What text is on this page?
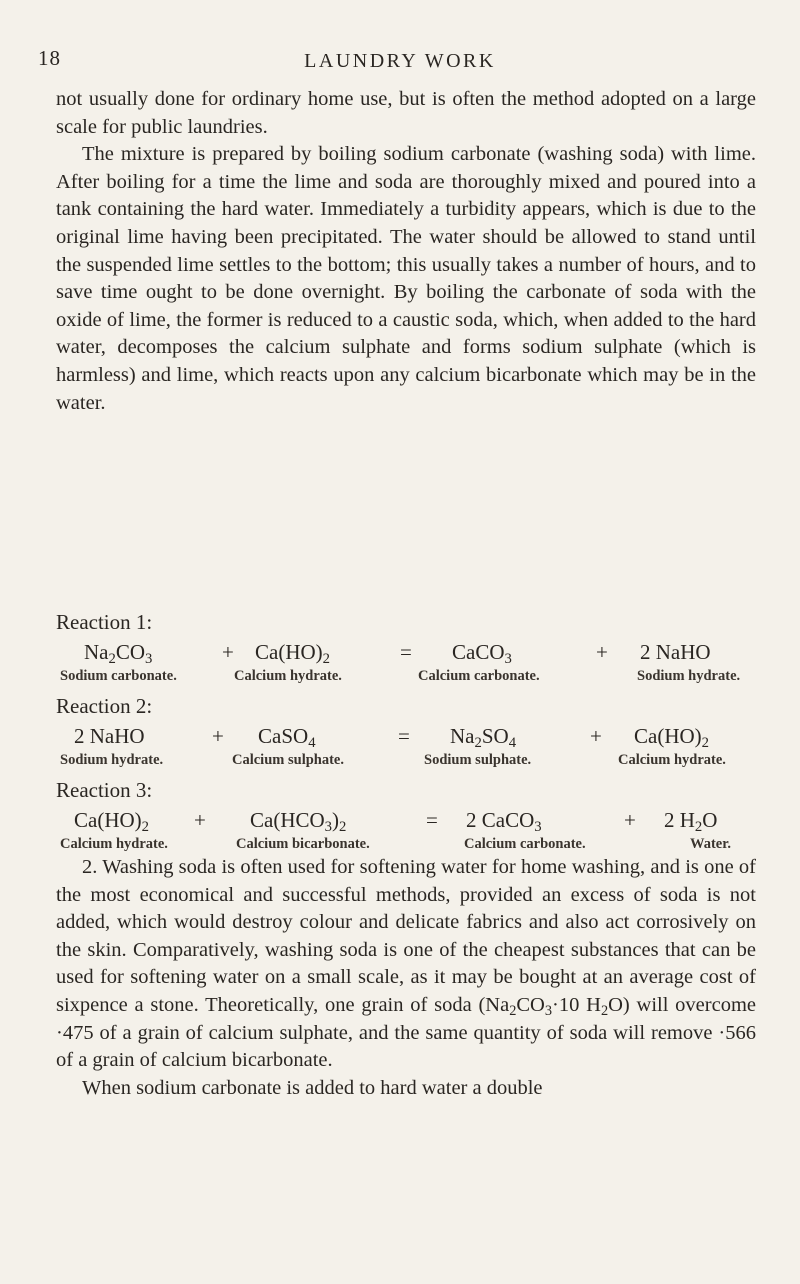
18	LAUNDRY WORK

not usually done for ordinary home use, but is often the method adopted on a large scale for public laundries.

The mixture is prepared by boiling sodium carbonate (washing soda) with lime. After boiling for a time the lime and soda are thoroughly mixed and poured into a tank containing the hard water. Immediately a turbidity appears, which is due to the original lime having been precipitated. The water should be allowed to stand until the suspended lime settles to the bottom; this usually takes a number of hours, and to save time ought to be done overnight. By boiling the carbonate of soda with the oxide of lime, the former is reduced to a caustic soda, which, when added to the hard water, decomposes the calcium sulphate and forms sodium sulphate (which is harmless) and lime, which reacts upon any calcium bicarbonate which may be in the water.

Reaction 1:
$Na_2CO_3$	+ $Ca(HO)_2$	= CaCO$_3$	+ 2 NaHO
Sodium carbonate.	Calcium hydrate.	Calcium carbonate.	Sodium hydrate.
Reaction 2:
2 NaHO	+ CaSO$_4$	= $Na_2SO_4$	+ $Ca(HO)_2$
Sodium hydrate.	Calcium sulphate.	Sodium sulphate.	Calcium hydrate.
Reaction 3:
$Ca(HO)_2 + Ca(HCO_3)_2$	= 2 CaCO$_3$	+ 2 $H_2O$
Calcium hydrate.	Calcium bicarbonate.	Calcium carbonate.	Water.

2. Washing soda is often used for softening water for home washing, and is one of the most economical and successful methods, provided an excess of soda is not added, which would destroy colour and delicate fabrics and also act corrosively on the skin. Comparatively, washing soda is one of the cheapest substances that can be used for softening water on a small scale, as it may be bought at an average cost of sixpence a stone. Theoretically, one grain of soda ($Na_2CO_3\cdot 10$ $H_2O$) will overcome ·475 of a grain of calcium sulphate, and the same quantity of soda will remove ·566 of a grain of calcium bicarbonate.

When sodium carbonate is added to hard water a double
